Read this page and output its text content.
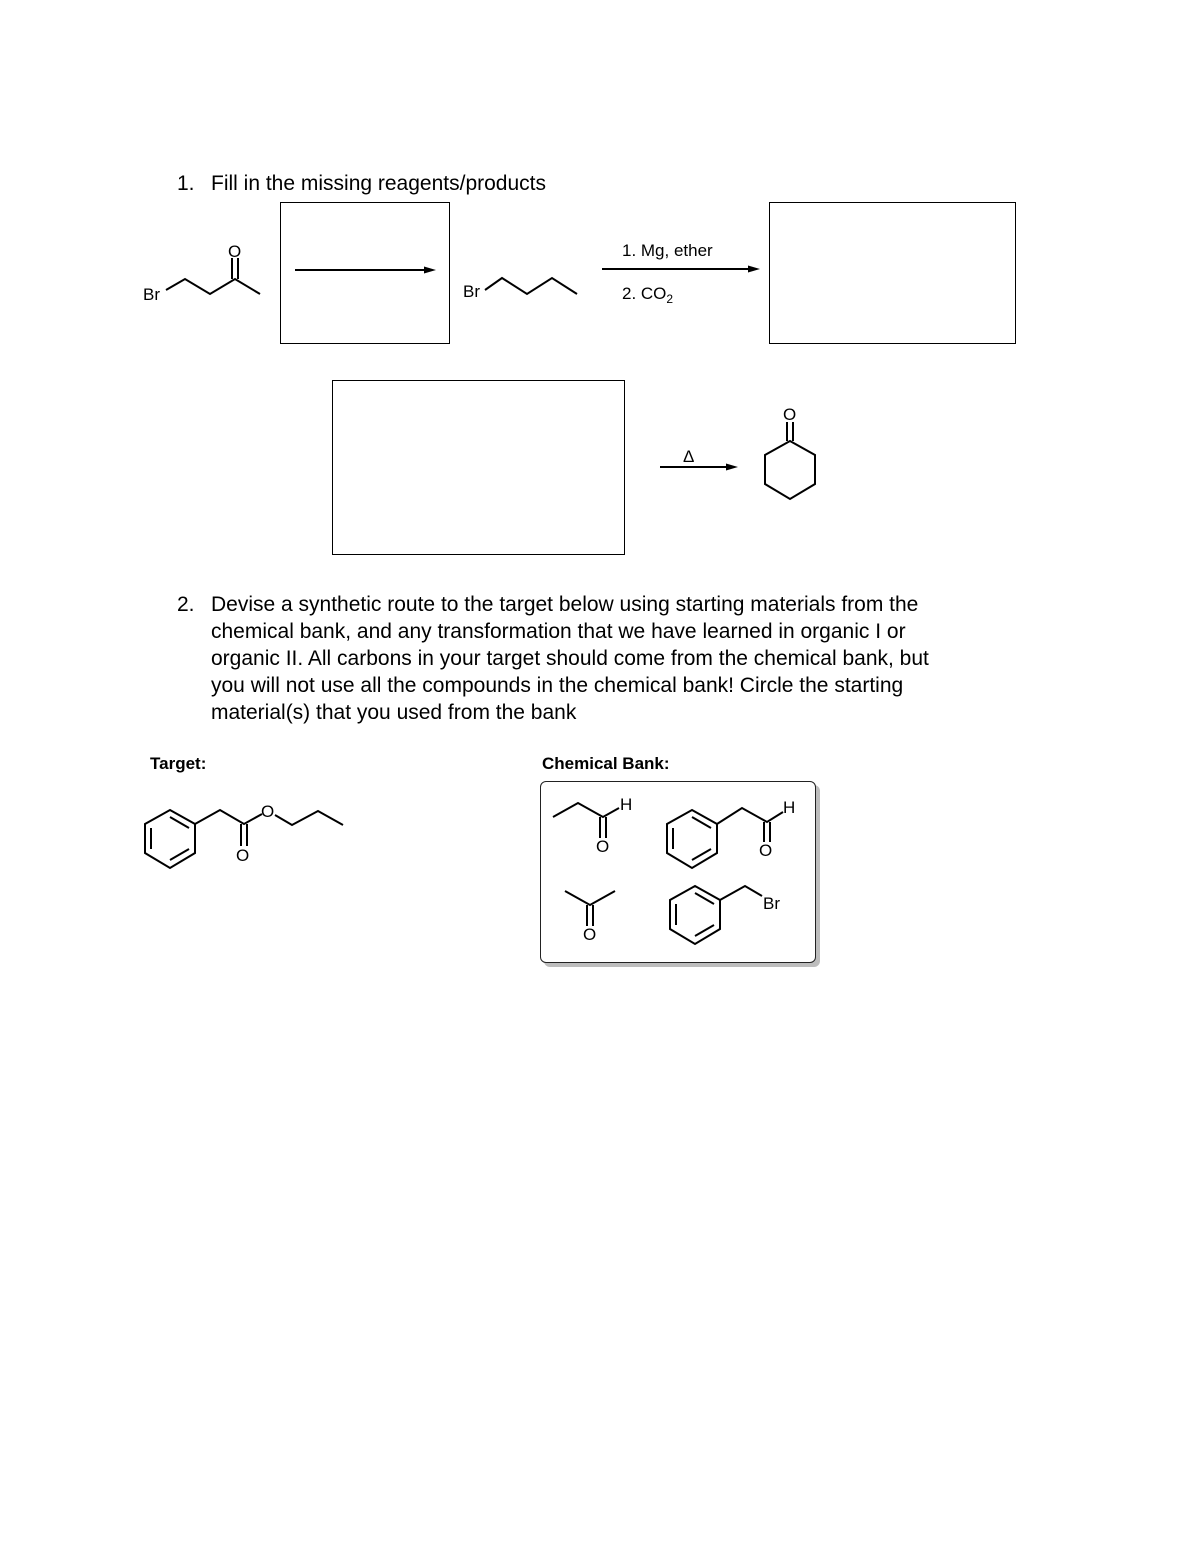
1. Fill in the missing reagents/products
Br
O
Br
1. Mg, ether
2. $CO_2$
Δ
O
2. Devise a synthetic route to the target below using starting materials from the
chemical bank, and any transformation that we have learned in organic I or
organic II. All carbons in your target should come from the chemical bank, but
you will not use all the compounds in the chemical bank! Circle the starting
material(s) that you used from the bank
Target:	Chemical Bank:
O
O
H
O
H
O
O
Br
